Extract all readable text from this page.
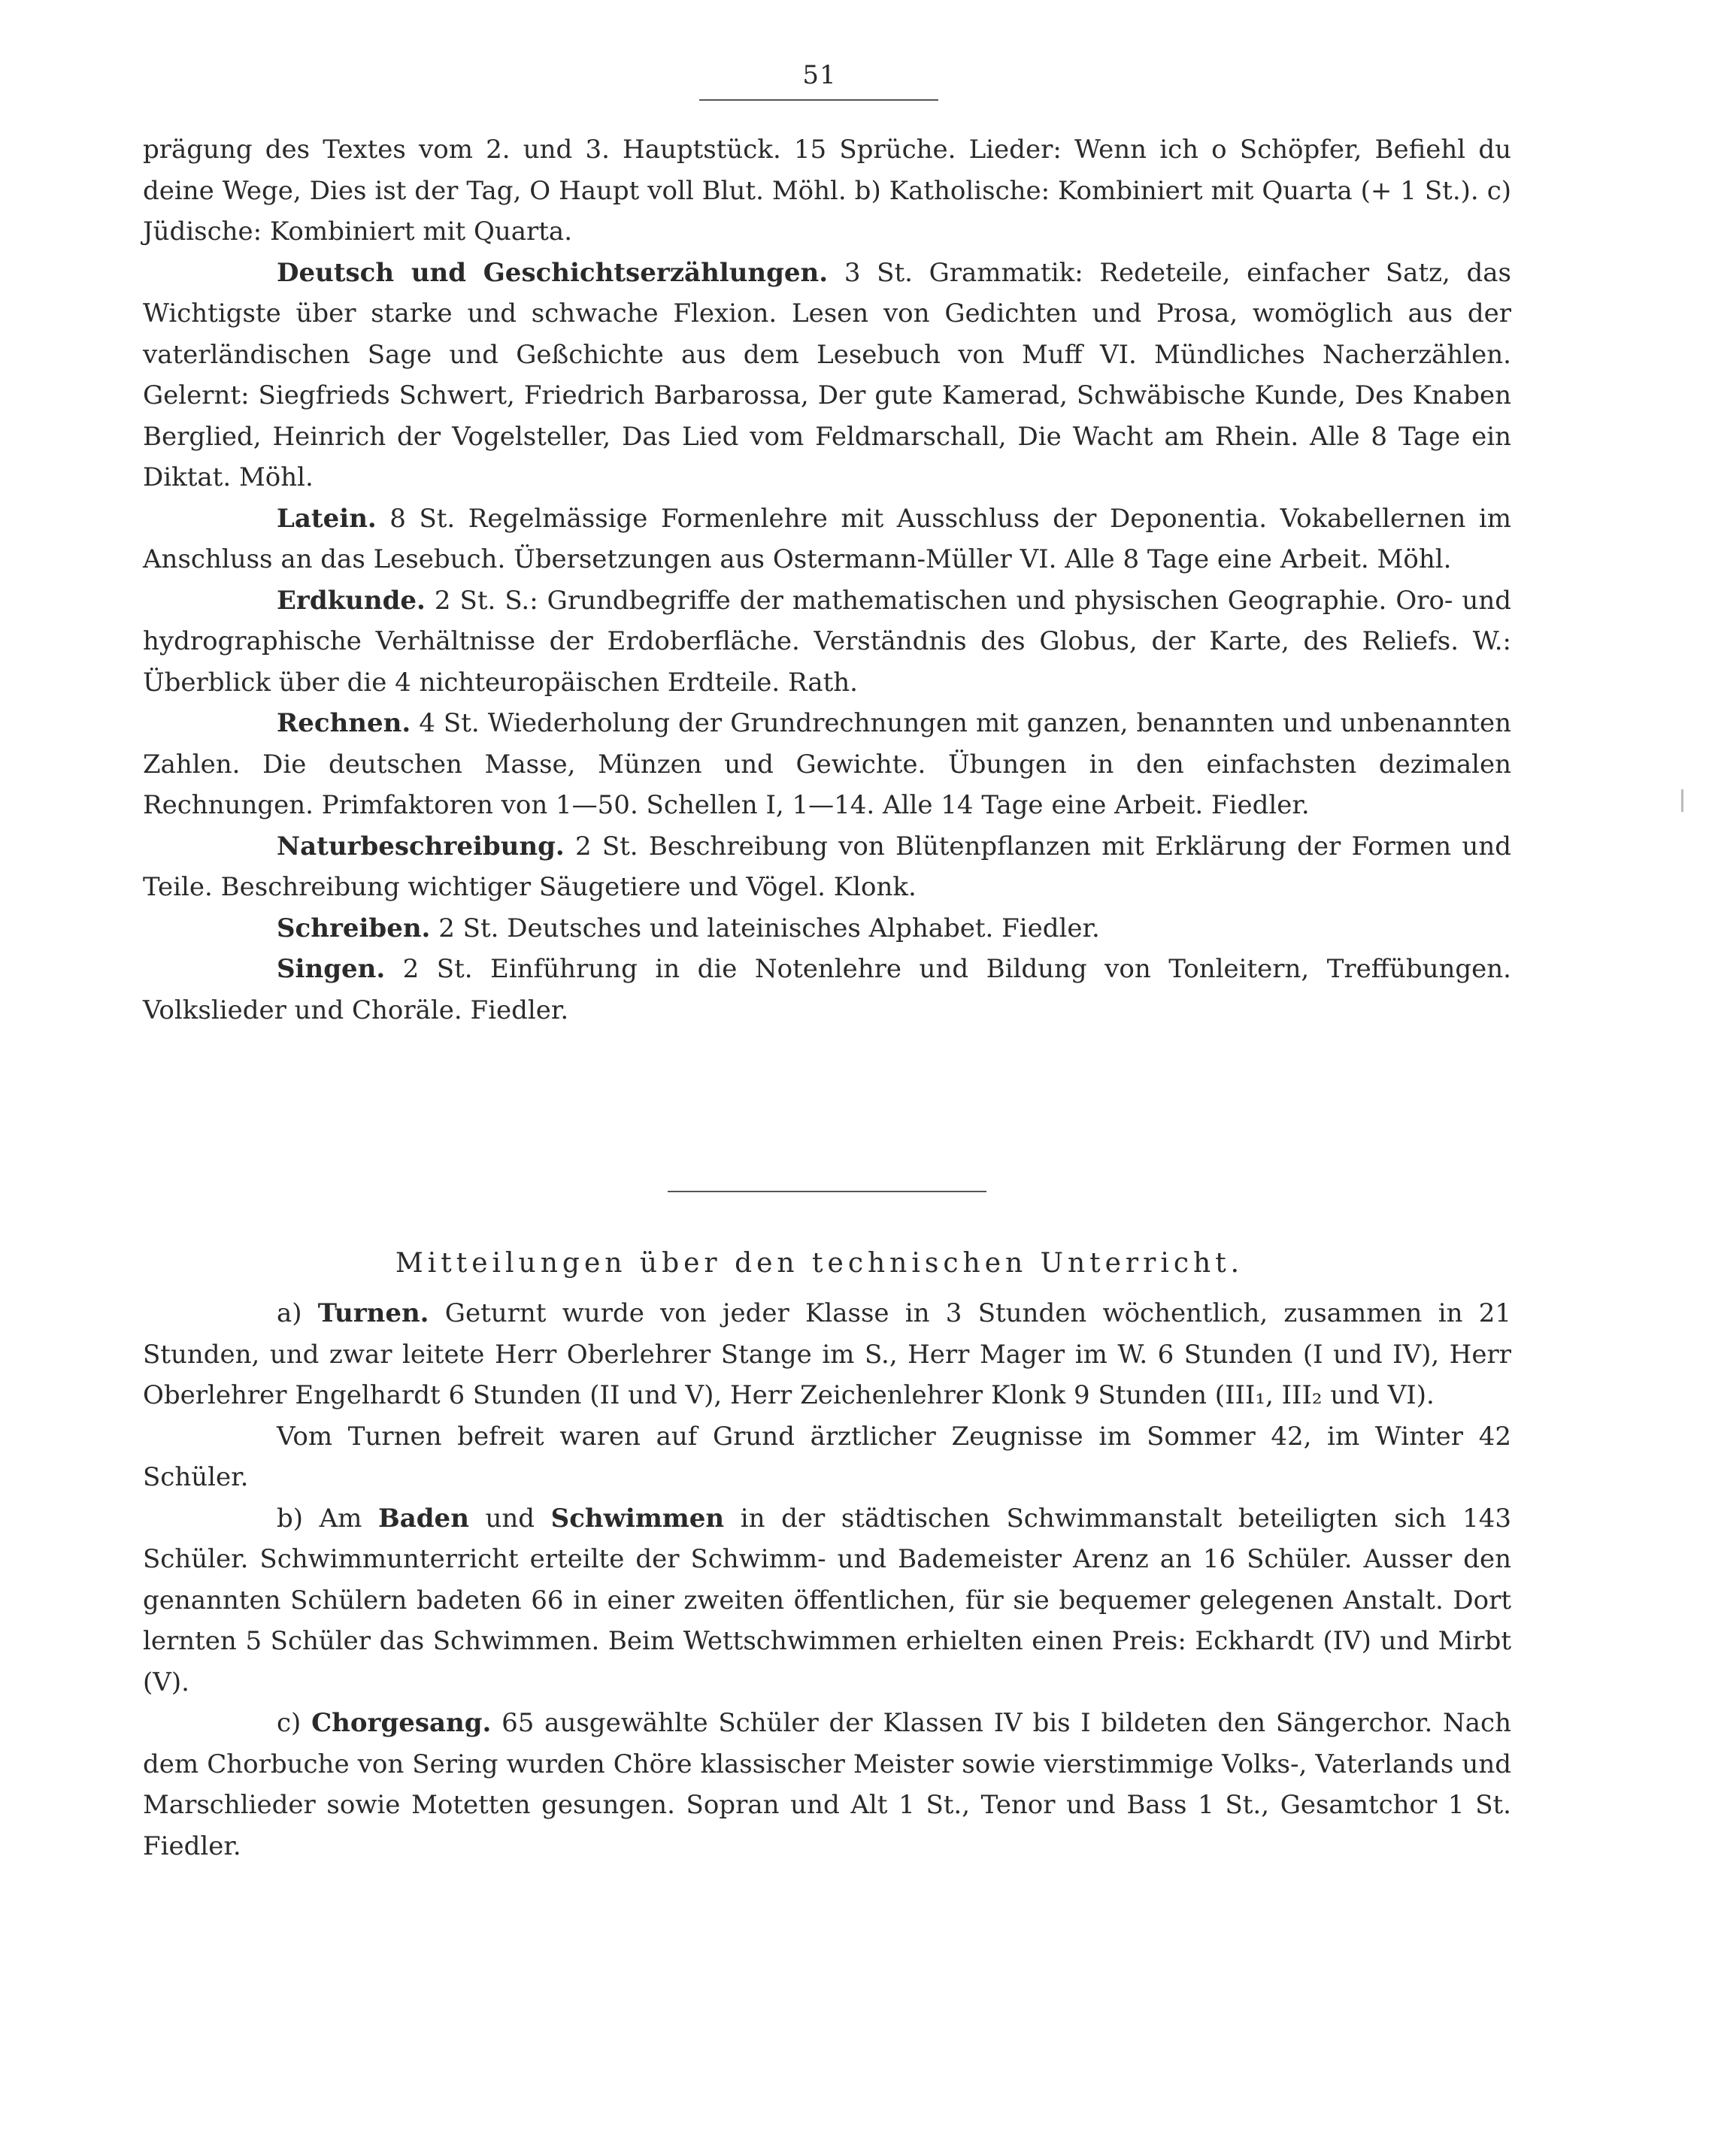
51

prägung des Textes vom 2. und 3. Hauptstück. 15 Sprüche. Lieder: Wenn ich o Schöpfer, Befiehl du deine Wege, Dies ist der Tag, O Haupt voll Blut. Möhl. b) Katholische: Kombiniert mit Quarta (+ 1 St.). c) Jüdische: Kombiniert mit Quarta.

Deutsch und Geschichtserzählungen. 3 St. Grammatik: Redeteile, einfacher Satz, das Wichtigste über starke und schwache Flexion. Lesen von Gedichten und Prosa, womöglich aus der vaterländischen Sage und Geßchichte aus dem Lesebuch von Muff VI. Mündliches Nacherzählen. Gelernt: Siegfrieds Schwert, Friedrich Barbarossa, Der gute Kamerad, Schwäbische Kunde, Des Knaben Berglied, Heinrich der Vogelsteller, Das Lied vom Feldmarschall, Die Wacht am Rhein. Alle 8 Tage ein Diktat. Möhl.

Latein. 8 St. Regelmässige Formenlehre mit Ausschluss der Deponentia. Vokabellernen im Anschluss an das Lesebuch. Übersetzungen aus Ostermann-Müller VI. Alle 8 Tage eine Arbeit. Möhl.

Erdkunde. 2 St. S.: Grundbegriffe der mathematischen und physischen Geographie. Oro- und hydrographische Verhältnisse der Erdoberfläche. Verständnis des Globus, der Karte, des Reliefs. W.: Überblick über die 4 nichteuropäischen Erdteile. Rath.

Rechnen. 4 St. Wiederholung der Grundrechnungen mit ganzen, benannten und unbenannten Zahlen. Die deutschen Masse, Münzen und Gewichte. Übungen in den einfachsten dezimalen Rechnungen. Primfaktoren von 1—50. Schellen I, 1—14. Alle 14 Tage eine Arbeit. Fiedler.

Naturbeschreibung. 2 St. Beschreibung von Blütenpflanzen mit Erklärung der Formen und Teile. Beschreibung wichtiger Säugetiere und Vögel. Klonk.

Schreiben. 2 St. Deutsches und lateinisches Alphabet. Fiedler.

Singen. 2 St. Einführung in die Notenlehre und Bildung von Tonleitern, Treffübungen. Volkslieder und Choräle. Fiedler.

Mitteilungen über den technischen Unterricht.

a) Turnen. Geturnt wurde von jeder Klasse in 3 Stunden wöchentlich, zusammen in 21 Stunden, und zwar leitete Herr Oberlehrer Stange im S., Herr Mager im W. 6 Stunden (I und IV), Herr Oberlehrer Engelhardt 6 Stunden (II und V), Herr Zeichenlehrer Klonk 9 Stunden (III₁, III₂ und VI).

Vom Turnen befreit waren auf Grund ärztlicher Zeugnisse im Sommer 42, im Winter 42 Schüler.

b) Am Baden und Schwimmen in der städtischen Schwimmanstalt beteiligten sich 143 Schüler. Schwimmunterricht erteilte der Schwimm- und Bademeister Arenz an 16 Schüler. Ausser den genannten Schülern badeten 66 in einer zweiten öffentlichen, für sie bequemer gelegenen Anstalt. Dort lernten 5 Schüler das Schwimmen. Beim Wettschwimmen erhielten einen Preis: Eckhardt (IV) und Mirbt (V).

c) Chorgesang. 65 ausgewählte Schüler der Klassen IV bis I bildeten den Sängerchor. Nach dem Chorbuche von Sering wurden Chöre klassischer Meister sowie vierstimmige Volks-, Vaterlands und Marschlieder sowie Motetten gesungen. Sopran und Alt 1 St., Tenor und Bass 1 St., Gesamtchor 1 St. Fiedler.
